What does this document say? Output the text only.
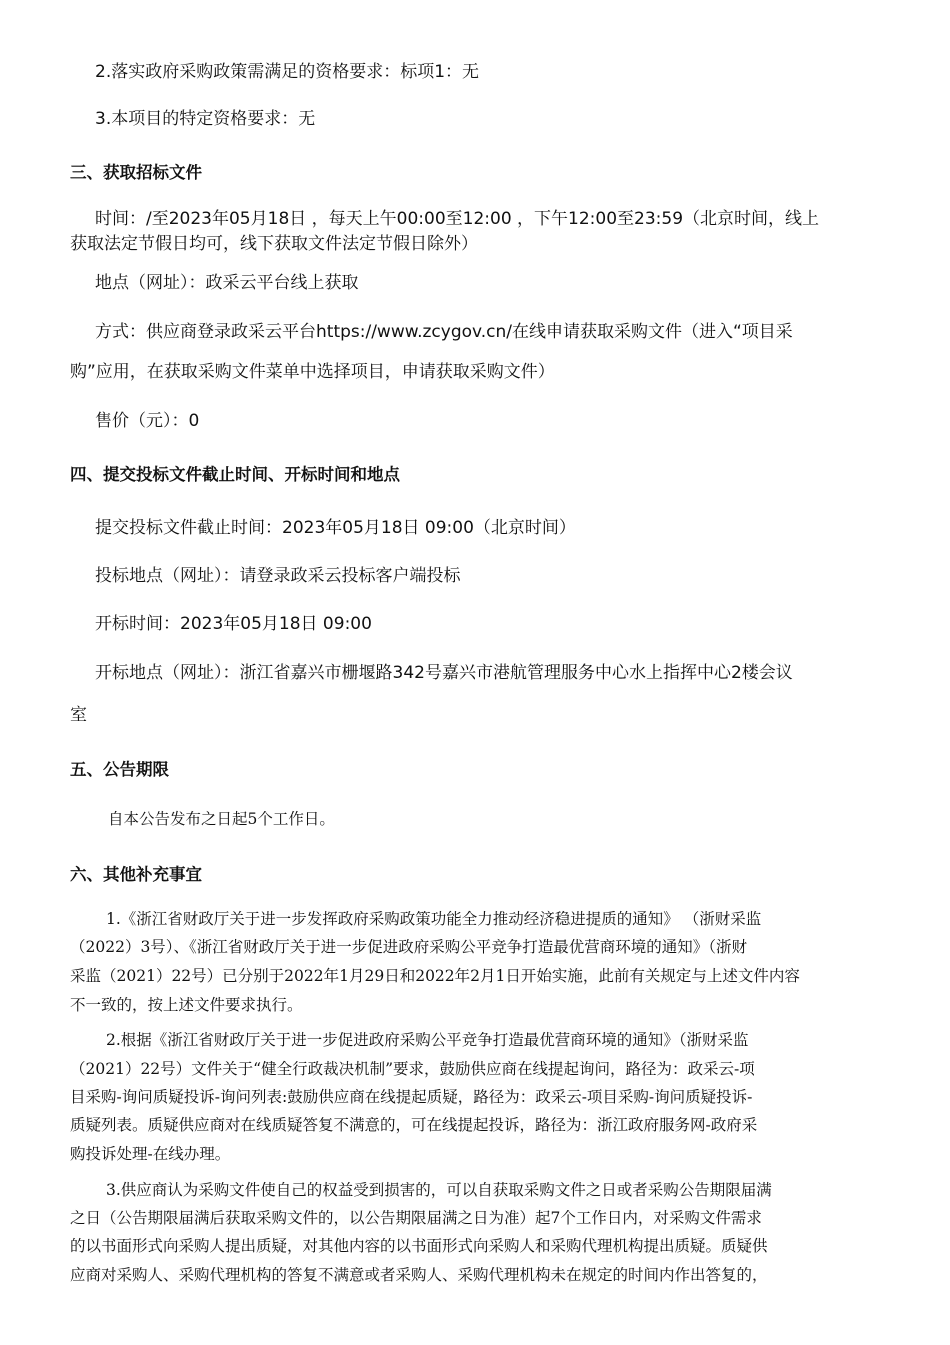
2.落实政府采购政策需满足的资格要求：标项1：无
3.本项目的特定资格要求：无
三、获取招标文件
时间：/至2023年05月18日 ，每天上午00:00至12:00 ，下午12:00至23:59（北京时间，线上
获取法定节假日均可，线下获取文件法定节假日除外）
地点（网址）：政采云平台线上获取
方式：供应商登录政采云平台https://www.zcygov.cn/在线申请获取采购文件（进入“项目采
购”应用，在获取采购文件菜单中选择项目，申请获取采购文件）
售价（元）：0
四、提交投标文件截止时间、开标时间和地点
提交投标文件截止时间：2023年05月18日 09:00（北京时间）
投标地点（网址）：请登录政采云投标客户端投标
开标时间：2023年05月18日 09:00
开标地点（网址）：浙江省嘉兴市栅堰路342号嘉兴市港航管理服务中心水上指挥中心2楼会议
室
五、公告期限
自本公告发布之日起5个工作日。
六、其他补充事宜
1.《浙江省财政厅关于进一步发挥政府采购政策功能全力推动经济稳进提质的通知》 （浙财采监
（2022）3号）、《浙江省财政厅关于进一步促进政府采购公平竞争打造最优营商环境的通知》（浙财
采监（2021）22号）已分别于2022年1月29日和2022年2月1日开始实施，此前有关规定与上述文件内容
不一致的，按上述文件要求执行。
2.根据《浙江省财政厅关于进一步促进政府采购公平竞争打造最优营商环境的通知》（浙财采监
（2021）22号）文件关于“健全行政裁决机制”要求，鼓励供应商在线提起询问，路径为：政采云-项
目采购-询问质疑投诉-询问列表:鼓励供应商在线提起质疑，路径为：政采云-项目采购-询问质疑投诉-
质疑列表。质疑供应商对在线质疑答复不满意的，可在线提起投诉，路径为：浙江政府服务网-政府采
购投诉处理-在线办理。
3.供应商认为采购文件使自己的权益受到损害的，可以自获取采购文件之日或者采购公告期限届满
之日（公告期限届满后获取采购文件的，以公告期限届满之日为准）起7个工作日内，对采购文件需求
的以书面形式向采购人提出质疑，对其他内容的以书面形式向采购人和采购代理机构提出质疑。质疑供
应商对采购人、采购代理机构的答复不满意或者采购人、采购代理机构未在规定的时间内作出答复的，
